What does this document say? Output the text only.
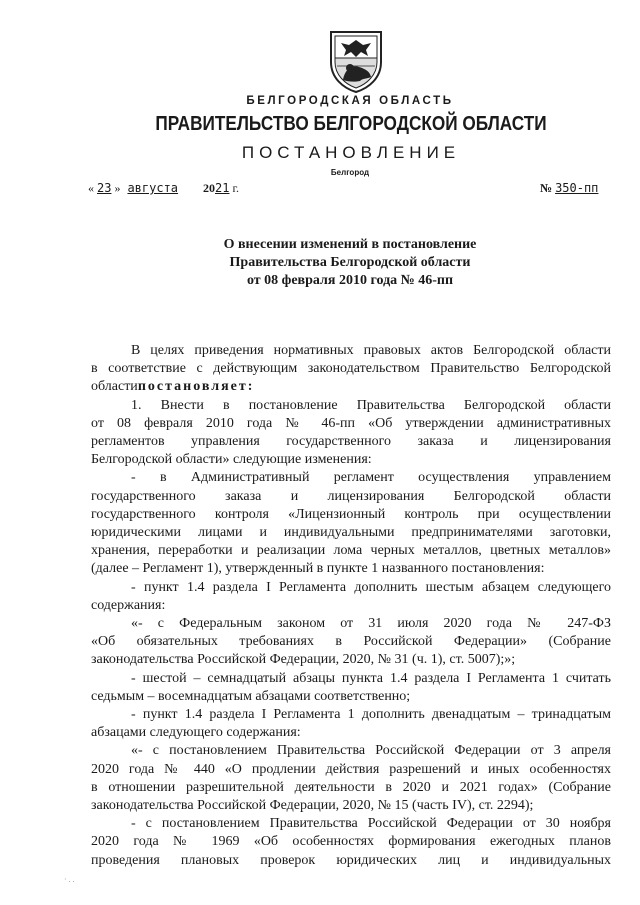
БЕЛГОРОДСКАЯ ОБЛАСТЬ
ПРАВИТЕЛЬСТВО БЕЛГОРОДСКОЙ ОБЛАСТИ
ПОСТАНОВЛЕНИЕ
Белгород
« 23 » августа 2021 г.	№ 350-пп
О внесении изменений в постановление
Правительства Белгородской области
от 08 февраля 2010 года № 46-пп
В целях приведения нормативных правовых актов Белгородской области
в соответствие с действующим законодательством Правительство Белгородской
областипостановляет:
1. Внести в постановление Правительства Белгородской области
от 08 февраля 2010 года № 46-пп «Об утверждении административных
регламентов управления государственного заказа и лицензирования
Белгородской области» следующие изменения:
- в Административный регламент осуществления управлением
государственного заказа и лицензирования Белгородской области
государственного контроля «Лицензионный контроль при осуществлении
юридическими лицами и индивидуальными предпринимателями заготовки,
хранения, переработки и реализации лома черных металлов, цветных металлов»
(далее – Регламент 1), утвержденный в пункте 1 названного постановления:
- пункт 1.4 раздела I Регламента дополнить шестым абзацем следующего
содержания:
«- с Федеральным законом от 31 июля 2020 года № 247-ФЗ
«Об обязательных требованиях в Российской Федерации» (Собрание
законодательства Российской Федерации, 2020, № 31 (ч. 1), ст. 5007);»;
- шестой – семнадцатый абзацы пункта 1.4 раздела I Регламента 1 считать
седьмым – восемнадцатым абзацами соответственно;
- пункт 1.4 раздела I Регламента 1 дополнить двенадцатым – тринадцатым
абзацами следующего содержания:
«- с постановлением Правительства Российской Федерации от 3 апреля
2020 года № 440 «О продлении действия разрешений и иных особенностях
в отношении разрешительной деятельности в 2020 и 2021 годах» (Собрание
законодательства Российской Федерации, 2020, № 15 (часть IV), ст. 2294);
- с постановлением Правительства Российской Федерации от 30 ноября
2020 года № 1969 «Об особенностях формирования ежегодных планов
проведения плановых проверок юридических лиц и индивидуальных
· . .
